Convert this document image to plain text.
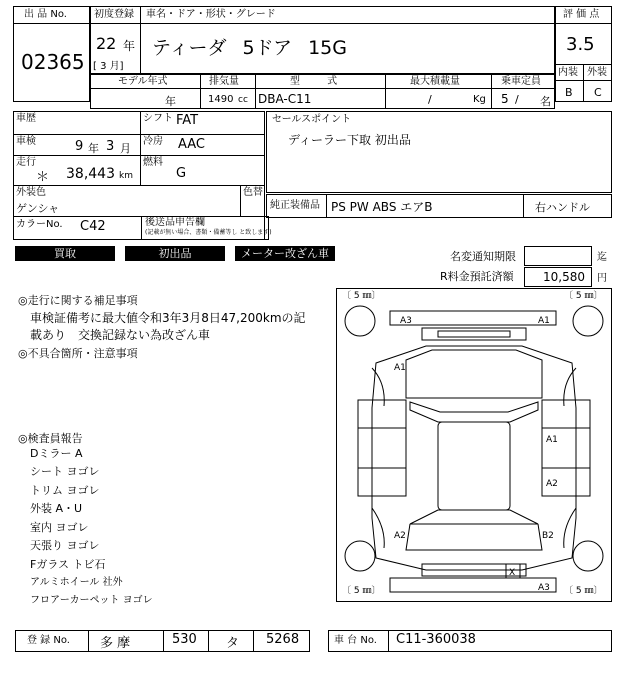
出 品 No.
02365
初度登録 車名・ドア・形状・グレード
22 年
[ 3 月]
ティーダ 5ドア 15G
評 価 点
3.5
内装 外装
B C
モデル年式	排気量	型 式	最大積載量	乗車定員
年	1490 cc DBA-C11	/	Kg 5 / 名
車歴	シフト FAT
車検	9 年 3 月
冷房 AAC
走行
＊ 38,443 km
燃料
G
外装色
ゲンシャ
色替
カラーNo. C42	後送品申告欄
(記載が無い場合、書類・備蓄等し と致します)
セールスポイント
ディーラー下取 初出品
純正装備品 PS PW ABS エアB	右ハンドル
買取	初出品	メーター改ざん車	名変通知期限	迄
R料金預託済額 10,580 円
◎走行に関する補足事項
車検証備考に最大値令和3年3月8日47,200kmの記
載あり　交換記録ない為改ざん車
◎不具合箇所・注意事項
◎検査員報告
Dミラー A
シート ヨゴレ
トリム ヨゴレ
外装 A・U
室内 ヨゴレ
天張り ヨゴレ
Fガラス トビ石
アルミホイール 社外
フロアーカーペット ヨゴレ
〔 5 ㎜〕	〔 5 ㎜〕
〔 5 ㎜〕	〔 5 ㎜〕
A3	A1
A1
A1
A2
A2	B2
X
A3
登 録 No. 多 摩	530 タ 5268	車 台 No. C11-360038
